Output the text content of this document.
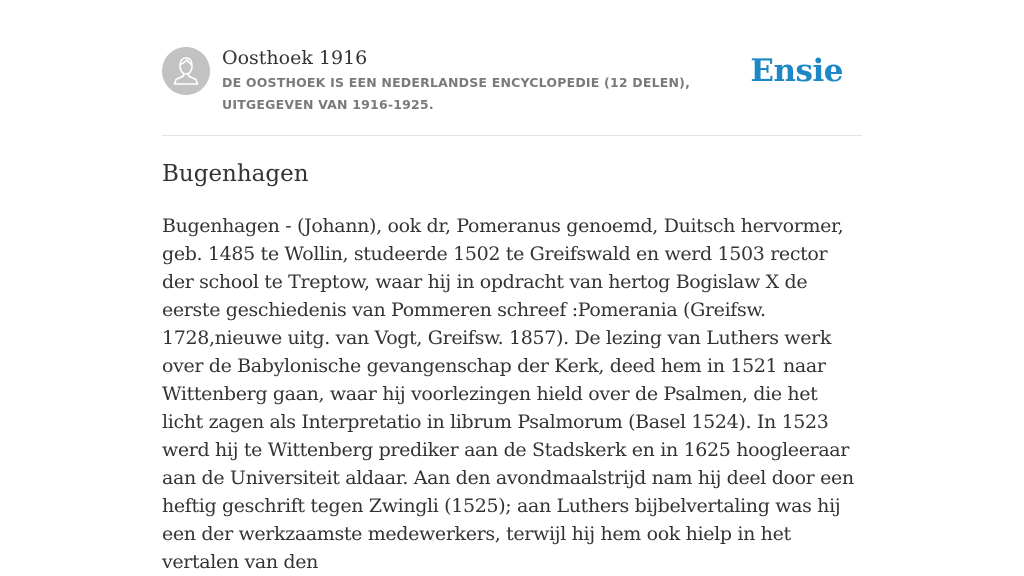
Oosthoek 1916
DE OOSTHOEK IS EEN NEDERLANDSE ENCYCLOPEDIE (12 DELEN), UITGEGEVEN VAN 1916-1925.
Ensie
Bugenhagen

Bugenhagen - (Johann), ook dr, Pomeranus genoemd, Duitsch hervormer, geb. 1485 te Wollin, studeerde 1502 te Greifswald en werd 1503 rector der school te Treptow, waar hij in opdracht van hertog Bogislaw X de eerste geschiedenis van Pommeren schreef :Pomerania (Greifsw. 1728,nieuwe uitg. van Vogt, Greifsw. 1857). De lezing van Luthers werk over de Babylonische gevangenschap der Kerk, deed hem in 1521 naar Wittenberg gaan, waar hij voorlezingen hield over de Psalmen, die het licht zagen als Interpretatio in librum Psalmorum (Basel 1524). In 1523 werd hij te Wittenberg prediker aan de Stadskerk en in 1625 hoogleeraar aan de Universiteit aldaar. Aan den avondmaalstrijd nam hij deel door een heftig geschrift tegen Zwingli (1525); aan Luthers bijbelvertaling was hij een der werkzaamste medewerkers, terwijl hij hem ook hielp in het vertalen van den
